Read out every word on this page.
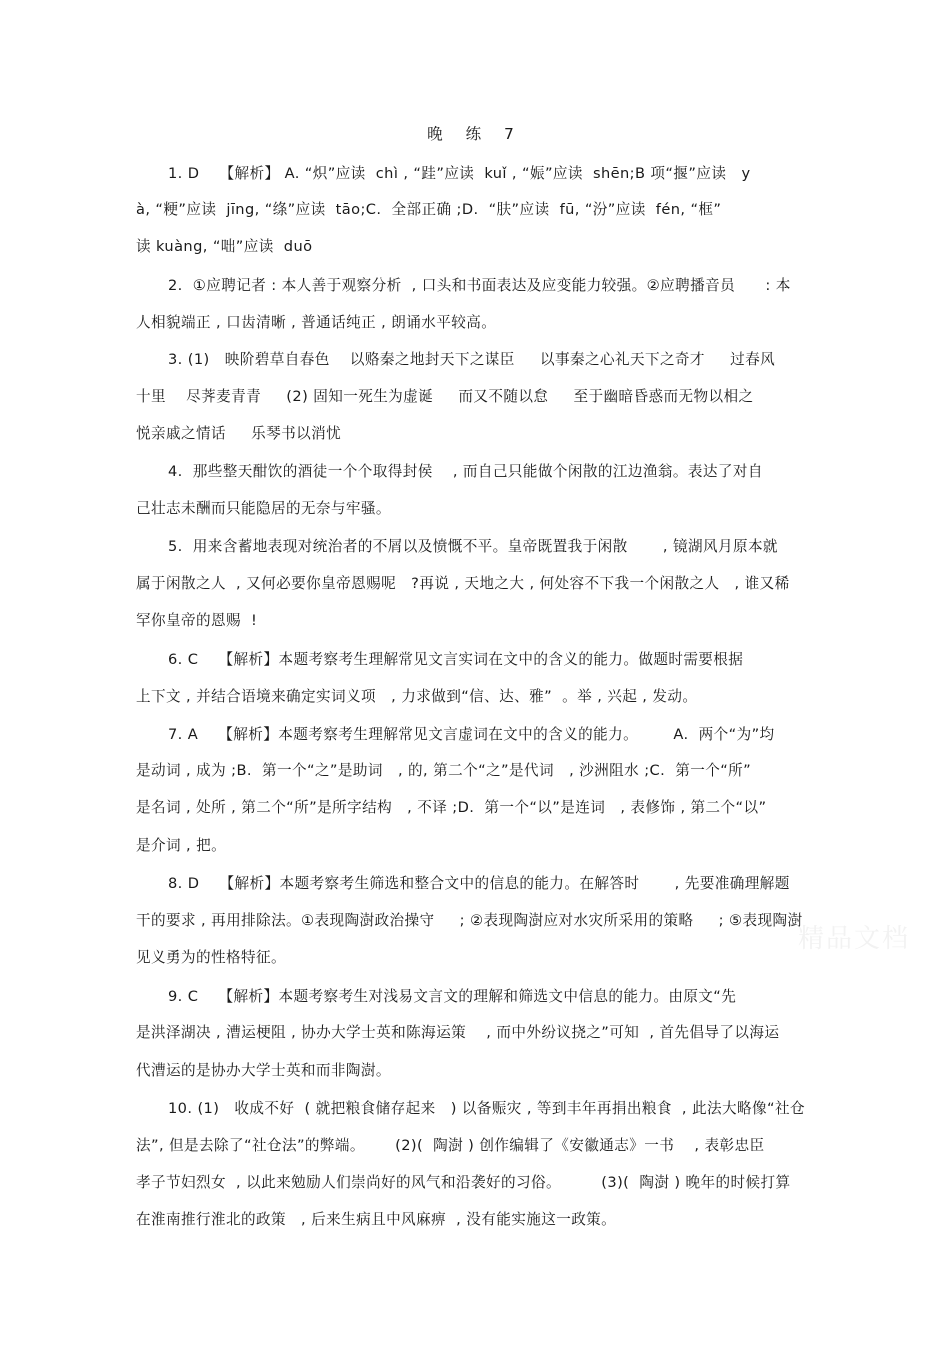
晚 练 7
1. D    【解析】 A. “炽”应读  chì , “跬”应读  kuǐ , “娠”应读  shēn;B 项“揠”应读   y
à, “粳”应读  jīng, “绦”应读  tāo;C.  全部正确 ;D.  “肤”应读  fū, “汾”应读  fén, “框”
读 kuàng, “咄”应读  duō
2.  ①应聘记者 : 本人善于观察分析  , 口头和书面表达及应变能力较强。②应聘播音员      : 本
人相貌端正 , 口齿清晰 , 普通话纯正 , 朗诵水平较高。
3. (1)   映阶碧草自春色    以赂秦之地封天下之谋臣     以事秦之心礼天下之奇才     过春风
十里    尽荠麦青青     (2) 固知一死生为虚诞     而又不随以怠     至于幽暗昏惑而无物以相之
悦亲戚之情话     乐琴书以消忧
4.  那些整天酣饮的酒徒一个个取得封侯    , 而自己只能做个闲散的江边渔翁。表达了对自
己壮志未酬而只能隐居的无奈与牢骚。
5.  用来含蓄地表现对统治者的不屑以及愤慨不平。皇帝既置我于闲散       , 镜湖风月原本就
属于闲散之人  , 又何必要你皇帝恩赐呢   ?再说 , 天地之大 , 何处容不下我一个闲散之人   , 谁又稀
罕你皇帝的恩赐  !
6. C    【解析】本题考察考生理解常见文言实词在文中的含义的能力。做题时需要根据
上下文 , 并结合语境来确定实词义项   , 力求做到“信、达、雅”  。举 , 兴起 , 发动。
7. A    【解析】本题考察考生理解常见文言虚词在文中的含义的能力。       A.  两个“为”均
是动词 , 成为 ;B.  第一个“之”是助词   , 的, 第二个“之”是代词   , 沙洲阻水 ;C.  第一个“所”
是名词 , 处所 , 第二个“所”是所字结构   , 不译 ;D.  第一个“以”是连词   , 表修饰 , 第二个“以”
是介词 , 把。
8. D    【解析】本题考察考生筛选和整合文中的信息的能力。在解答时       , 先要准确理解题
干的要求 , 再用排除法。①表现陶澍政治操守     ; ②表现陶澍应对水灾所采用的策略     ; ⑤表现陶澍
见义勇为的性格特征。
9. C    【解析】本题考察考生对浅易文言文的理解和筛选文中信息的能力。由原文“先
是洪泽湖决 , 漕运梗阻 , 协办大学士英和陈海运策    , 而中外纷议挠之”可知  , 首先倡导了以海运
代漕运的是协办大学士英和而非陶澍。
10. (1)   收成不好  ( 就把粮食储存起来   ) 以备赈灾 , 等到丰年再捐出粮食  , 此法大略像“社仓
法”, 但是去除了“社仓法”的弊端。      (2)(  陶澍 ) 创作编辑了《安徽通志》一书    , 表彰忠臣
孝子节妇烈女  , 以此来勉励人们崇尚好的风气和沿袭好的习俗。        (3)(  陶澍 ) 晚年的时候打算
在淮南推行淮北的政策   , 后来生病且中风麻痹  , 没有能实施这一政策。
精品文档
